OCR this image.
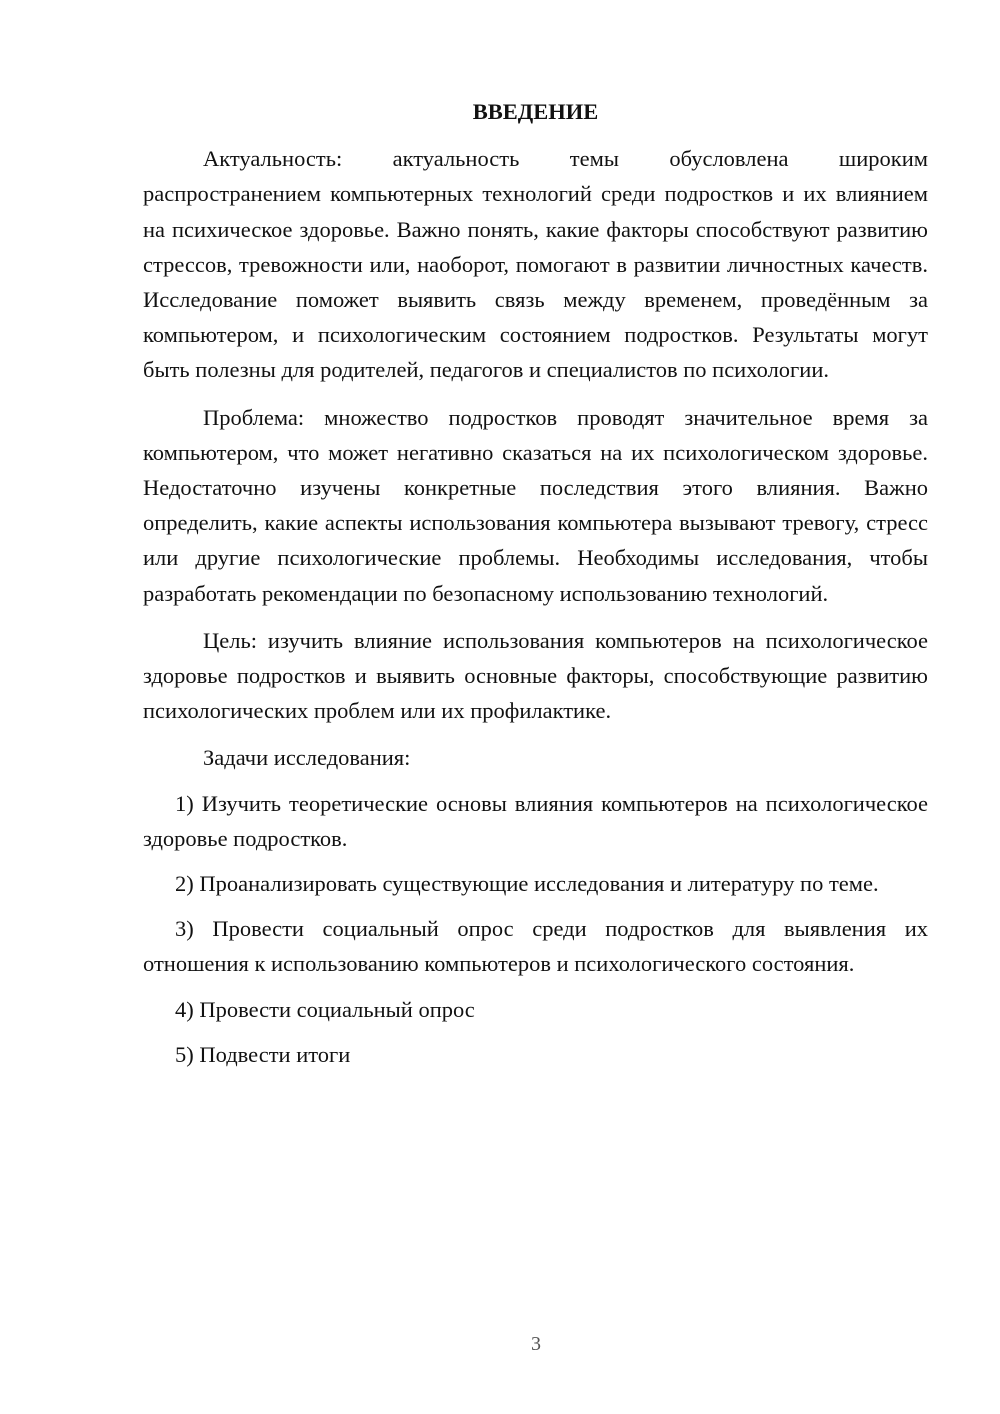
ВВЕДЕНИЕ

Актуальность: актуальность темы обусловлена широким распространением компьютерных технологий среди подростков и их влиянием на психическое здоровье. Важно понять, какие факторы способствуют развитию стрессов, тревожности или, наоборот, помогают в развитии личностных качеств. Исследование поможет выявить связь между временем, проведённым за компьютером, и психологическим состоянием подростков. Результаты могут быть полезны для родителей, педагогов и специалистов по психологии.

Проблема: множество подростков проводят значительное время за компьютером, что может негативно сказаться на их психологическом здоровье. Недостаточно изучены конкретные последствия этого влияния. Важно определить, какие аспекты использования компьютера вызывают тревогу, стресс или другие психологические проблемы. Необходимы исследования, чтобы разработать рекомендации по безопасному использованию технологий.

Цель: изучить влияние использования компьютеров на психологическое здоровье подростков и выявить основные факторы, способствующие развитию психологических проблем или их профилактике.

Задачи исследования:

1) Изучить теоретические основы влияния компьютеров на психологическое здоровье подростков.

2) Проанализировать существующие исследования и литературу по теме.

3) Провести социальный опрос среди подростков для выявления их отношения к использованию компьютеров и психологического состояния.

4) Провести социальный опрос

5) Подвести итоги

3
